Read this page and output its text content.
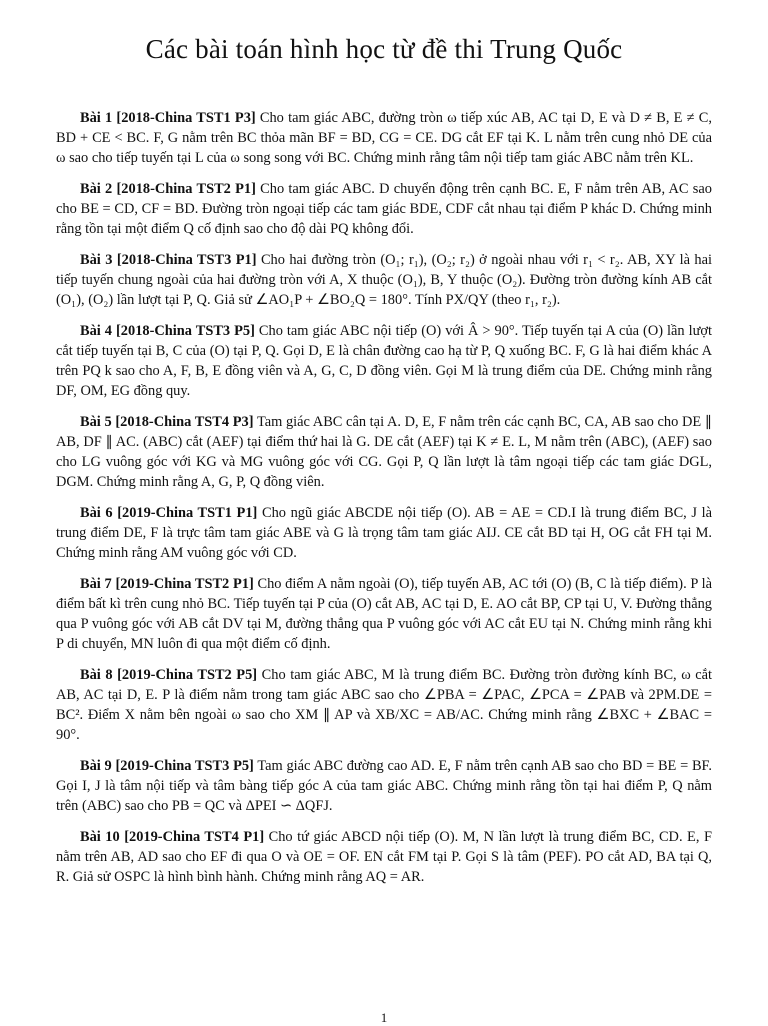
Các bài toán hình học từ đề thi Trung Quốc

Bài 1 [2018-China TST1 P3] Cho tam giác ABC, đường tròn ω tiếp xúc AB, AC tại D, E và D ≠ B, E ≠ C, BD + CE < BC. F, G nằm trên BC thỏa mãn BF = BD, CG = CE. DG cắt EF tại K. L nằm trên cung nhỏ DE của ω sao cho tiếp tuyến tại L của ω song song với BC. Chứng minh rằng tâm nội tiếp tam giác ABC nằm trên KL.

Bài 2 [2018-China TST2 P1] Cho tam giác ABC. D chuyển động trên cạnh BC. E, F nằm trên AB, AC sao cho BE = CD, CF = BD. Đường tròn ngoại tiếp các tam giác BDE, CDF cắt nhau tại điểm P khác D. Chứng minh rằng tồn tại một điểm Q cố định sao cho độ dài PQ không đổi.

Bài 3 [2018-China TST3 P1] Cho hai đường tròn (O₁; r₁), (O₂; r₂) ở ngoài nhau với r₁ < r₂. AB, XY là hai tiếp tuyến chung ngoài của hai đường tròn với A, X thuộc (O₁), B, Y thuộc (O₂). Đường tròn đường kính AB cắt (O₁), (O₂) lần lượt tại P, Q. Giả sử ∠AO₁P + ∠BO₂Q = 180°. Tính PX/QY (theo r₁, r₂).

Bài 4 [2018-China TST3 P5] Cho tam giác ABC nội tiếp (O) với Â > 90°. Tiếp tuyến tại A của (O) lần lượt cắt tiếp tuyến tại B, C của (O) tại P, Q. Gọi D, E là chân đường cao hạ từ P, Q xuống BC. F, G là hai điểm khác A trên PQ k sao cho A, F, B, E đồng viên và A, G, C, D đồng viên. Gọi M là trung điểm của DE. Chứng minh rằng DF, OM, EG đồng quy.

Bài 5 [2018-China TST4 P3] Tam giác ABC cân tại A. D, E, F nằm trên các cạnh BC, CA, AB sao cho DE ∥ AB, DF ∥ AC. (ABC) cắt (AEF) tại điểm thứ hai là G. DE cắt (AEF) tại K ≠ E. L, M nằm trên (ABC), (AEF) sao cho LG vuông góc với KG và MG vuông góc với CG. Gọi P, Q lần lượt là tâm ngoại tiếp các tam giác DGL, DGM. Chứng minh rằng A, G, P, Q đồng viên.

Bài 6 [2019-China TST1 P1] Cho ngũ giác ABCDE nội tiếp (O). AB = AE = CD.I là trung điểm BC, J là trung điểm DE, F là trực tâm tam giác ABE và G là trọng tâm tam giác AIJ. CE cắt BD tại H, OG cắt FH tại M. Chứng minh rằng AM vuông góc với CD.

Bài 7 [2019-China TST2 P1] Cho điểm A nằm ngoài (O), tiếp tuyến AB, AC tới (O) (B, C là tiếp điểm). P là điểm bất kì trên cung nhỏ BC. Tiếp tuyến tại P của (O) cắt AB, AC tại D, E. AO cắt BP, CP tại U, V. Đường thẳng qua P vuông góc với AB cắt DV tại M, đường thẳng qua P vuông góc với AC cắt EU tại N. Chứng minh rằng khi P di chuyển, MN luôn đi qua một điểm cố định.

Bài 8 [2019-China TST2 P5] Cho tam giác ABC, M là trung điểm BC. Đường tròn đường kính BC, ω cắt AB, AC tại D, E. P là điểm nằm trong tam giác ABC sao cho ∠PBA = ∠PAC, ∠PCA = ∠PAB và 2PM.DE = BC². Điểm X nằm bên ngoài ω sao cho XM ∥ AP và XB/XC = AB/AC. Chứng minh rằng ∠BXC + ∠BAC = 90°.

Bài 9 [2019-China TST3 P5] Tam giác ABC đường cao AD. E, F nằm trên cạnh AB sao cho BD = BE = BF. Gọi I, J là tâm nội tiếp và tâm bàng tiếp góc A của tam giác ABC. Chứng minh rằng tồn tại hai điểm P, Q nằm trên (ABC) sao cho PB = QC và ΔPEI ∽ ΔQFJ.

Bài 10 [2019-China TST4 P1] Cho tứ giác ABCD nội tiếp (O). M, N lần lượt là trung điểm BC, CD. E, F nằm trên AB, AD sao cho EF đi qua O và OE = OF. EN cắt FM tại P. Gọi S là tâm (PEF). PO cắt AD, BA tại Q, R. Giả sử OSPC là hình bình hành. Chứng minh rằng AQ = AR.

1
